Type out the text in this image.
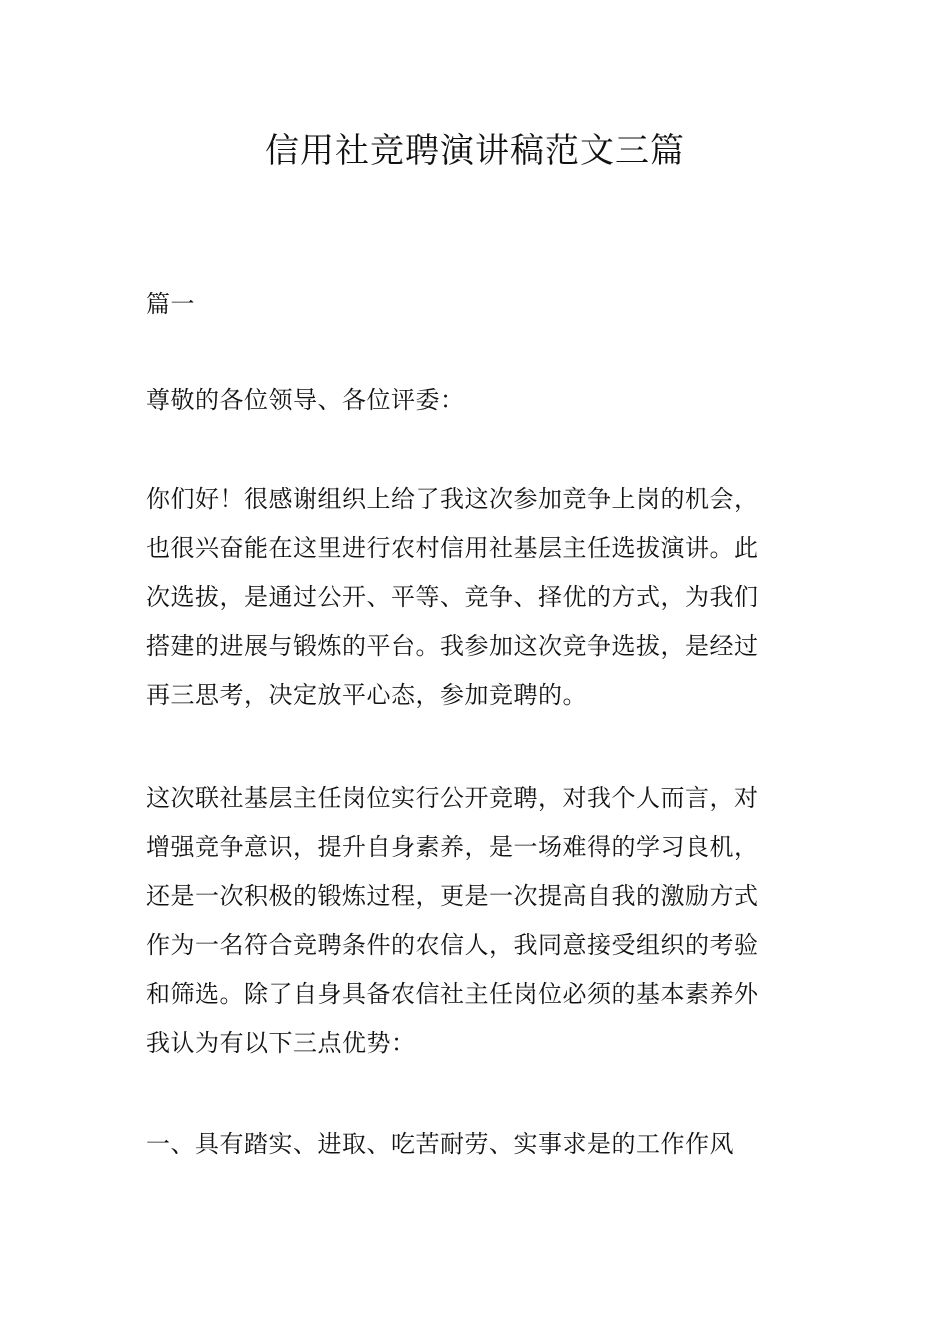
信用社竞聘演讲稿范文三篇
篇一
尊敬的各位领导、各位评委：

你们好！很感谢组织上给了我这次参加竞争上岗的机会，
也很兴奋能在这里进行农村信用社基层主任选拔演讲。此
次选拔，是通过公开、平等、竞争、择优的方式，为我们
搭建的进展与锻炼的平台。我参加这次竞争选拔，是经过
再三思考，决定放平心态，参加竞聘的。

这次联社基层主任岗位实行公开竞聘，对我个人而言，对
增强竞争意识，提升自身素养，是一场难得的学习良机，
还是一次积极的锻炼过程，更是一次提高自我的激励方式
作为一名符合竞聘条件的农信人，我同意接受组织的考验
和筛选。除了自身具备农信社主任岗位必须的基本素养外
我认为有以下三点优势：

一、具有踏实、进取、吃苦耐劳、实事求是的工作作风
